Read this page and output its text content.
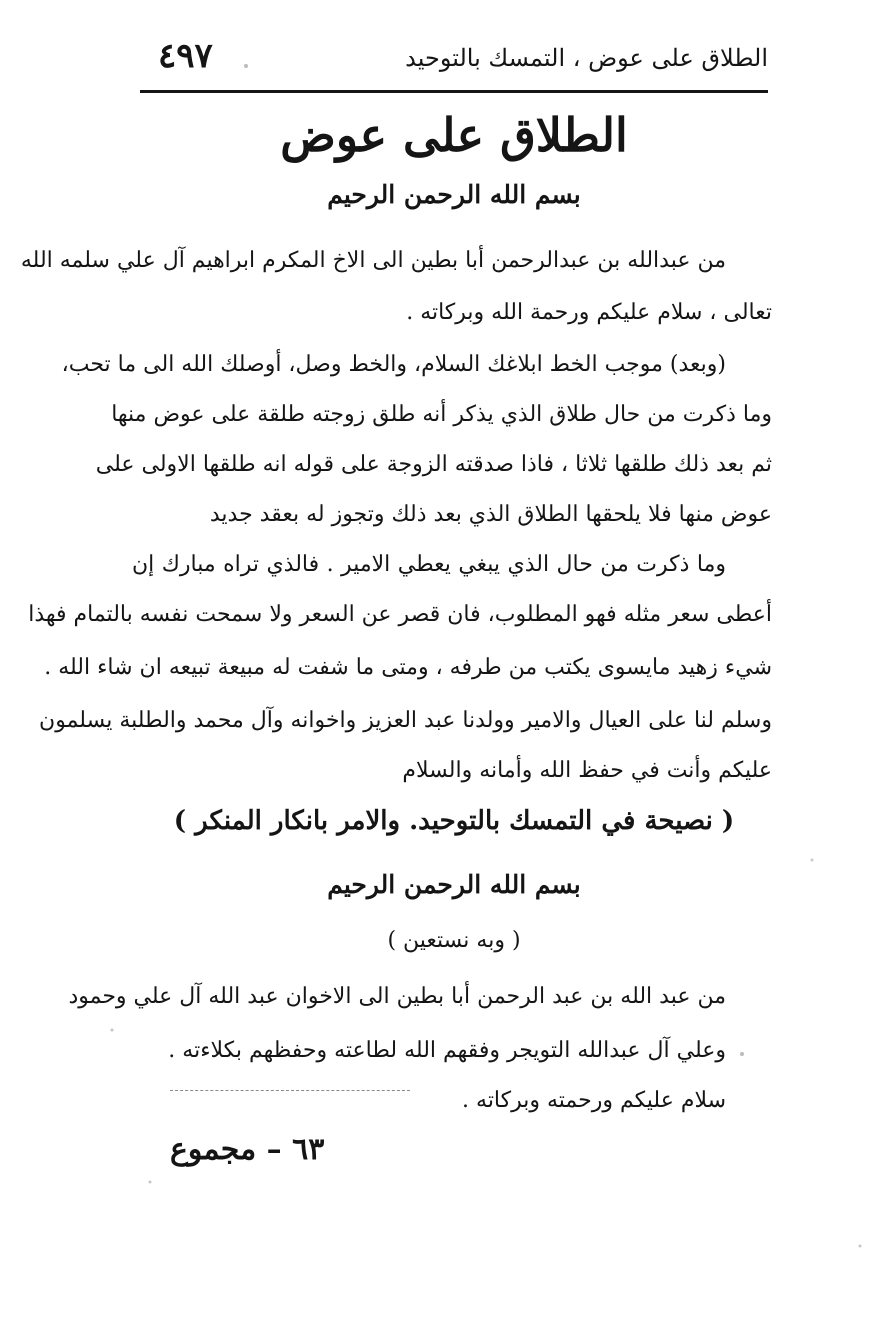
الطلاق على عوض ، التمسك بالتوحيد
٤٩٧
الطلاق على عوض
بسم الله الرحمن الرحيم
من عبدالله بن عبدالرحمن أبا بطين الى الاخ المكرم ابراهيم آل علي سلمه الله
تعالى ، سلام عليكم ورحمة الله وبركاته .
(وبعد) موجب الخط ابلاغك السلام، والخط وصل، أوصلك الله الى ما تحب،
وما ذكرت من حال طلاق الذي يذكر أنه طلق زوجته طلقة على عوض منها
ثم بعد ذلك طلقها ثلاثا ، فاذا صدقته الزوجة على قوله انه طلقها الاولى على
عوض منها فلا يلحقها الطلاق الذي بعد ذلك وتجوز له بعقد جديد
وما ذكرت من حال الذي يبغي يعطي الامير . فالذي تراه مبارك إن
أعطى سعر مثله فهو المطلوب، فان قصر عن السعر ولا سمحت نفسه بالتمام فهذا
شيء زهيد مايسوى يكتب من طرفه ، ومتى ما شفت له مبيعة تبيعه ان شاء الله .
وسلم لنا على العيال والامير وولدنا عبد العزيز واخوانه وآل محمد والطلبة يسلمون
عليكم وأنت في حفظ الله وأمانه والسلام
( نصيحة في التمسك بالتوحيد. والامر بانكار المنكر )
بسم الله الرحمن الرحيم
( وبه نستعين )
من عبد الله بن عبد الرحمن أبا بطين الى الاخوان عبد الله آل علي وحمود
وعلي آل عبدالله التويجر وفقهم الله لطاعته وحفظهم بكلاءته .
سلام عليكم ورحمته وبركاته .
٦٣ – مجموع
